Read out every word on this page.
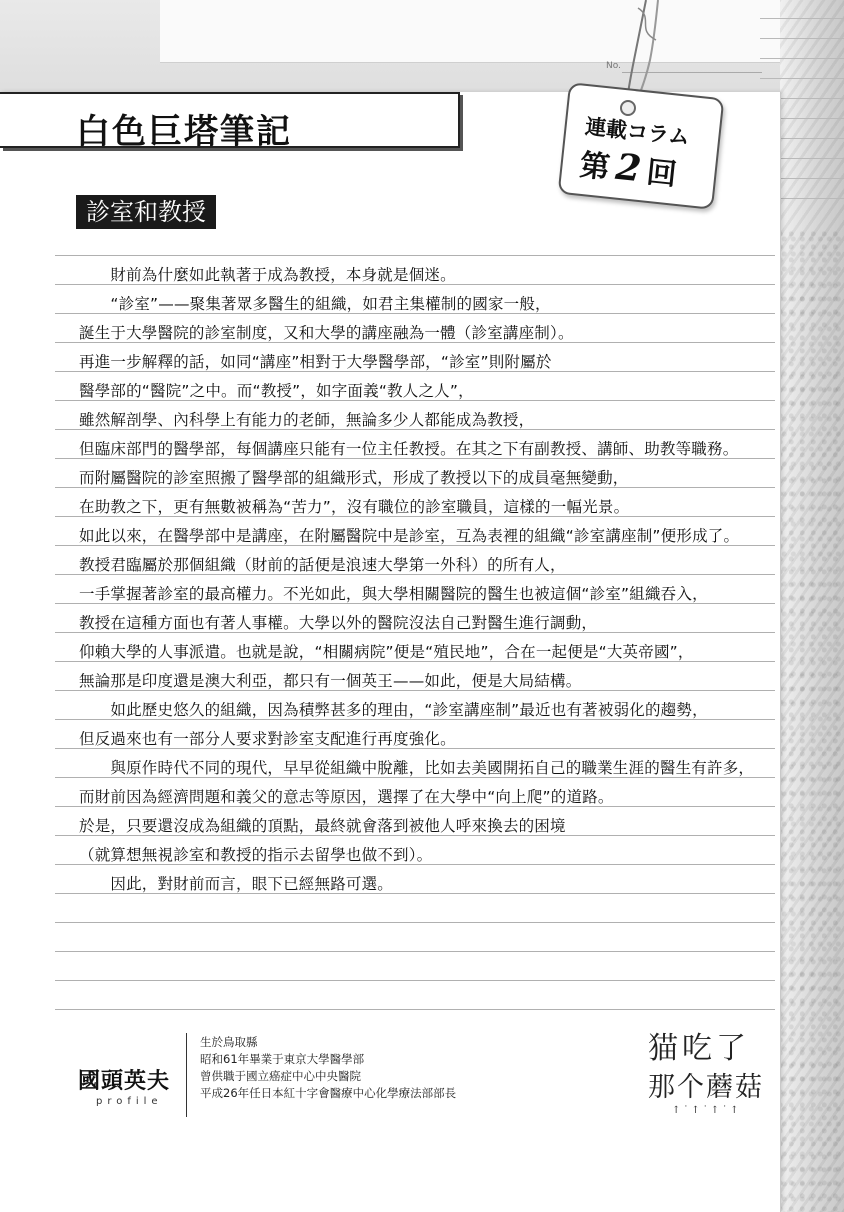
No.
白色巨塔筆記	連載コラム
第2回
診室和教授
　　財前為什麼如此執著于成為教授，本身就是個迷。
　　“診室”——聚集著眾多醫生的組織，如君主集權制的國家一般，
誕生于大學醫院的診室制度，又和大學的講座融為一體（診室講座制）。
再進一步解釋的話，如同“講座”相對于大學醫學部，“診室”則附屬於
醫學部的“醫院”之中。而“教授”，如字面義“教人之人”，
雖然解剖學、內科學上有能力的老師，無論多少人都能成為教授，
但臨床部門的醫學部，每個講座只能有一位主任教授。在其之下有副教授、講師、助教等職務。
而附屬醫院的診室照搬了醫學部的組織形式，形成了教授以下的成員毫無變動，
在助教之下，更有無數被稱為“苦力”，沒有職位的診室職員，這樣的一幅光景。
如此以來，在醫學部中是講座，在附屬醫院中是診室，互為表裡的組織“診室講座制”便形成了。
教授君臨屬於那個組織（財前的話便是浪速大學第一外科）的所有人，
一手掌握著診室的最高權力。不光如此，與大學相關醫院的醫生也被這個“診室”組織吞入，
教授在這種方面也有著人事權。大學以外的醫院沒法自己對醫生進行調動，
仰賴大學的人事派遣。也就是說，“相關病院”便是“殖民地”，合在一起便是“大英帝國”，
無論那是印度還是澳大利亞，都只有一個英王——如此，便是大局結構。
　　如此歷史悠久的組織，因為積弊甚多的理由，“診室講座制”最近也有著被弱化的趨勢，
但反過來也有一部分人要求對診室支配進行再度強化。
　　與原作時代不同的現代，早早從組織中脫離，比如去美國開拓自己的職業生涯的醫生有許多，
而財前因為經濟問題和義父的意志等原因，選擇了在大學中“向上爬”的道路。
於是，只要還沒成為組織的頂點，最終就會落到被他人呼來換去的困境
（就算想無視診室和教授的指示去留學也做不到）。
　　因此，對財前而言，眼下已經無路可選。
國頭英夫
profile
生於鳥取縣
昭和61年畢業于東京大學醫學部
曾供職于國立癌症中心中央醫院
平成26年任日本紅十字會醫療中心化學療法部部長
猫吃了
那个蘑菇
↑˙↑˙↑˙↑
